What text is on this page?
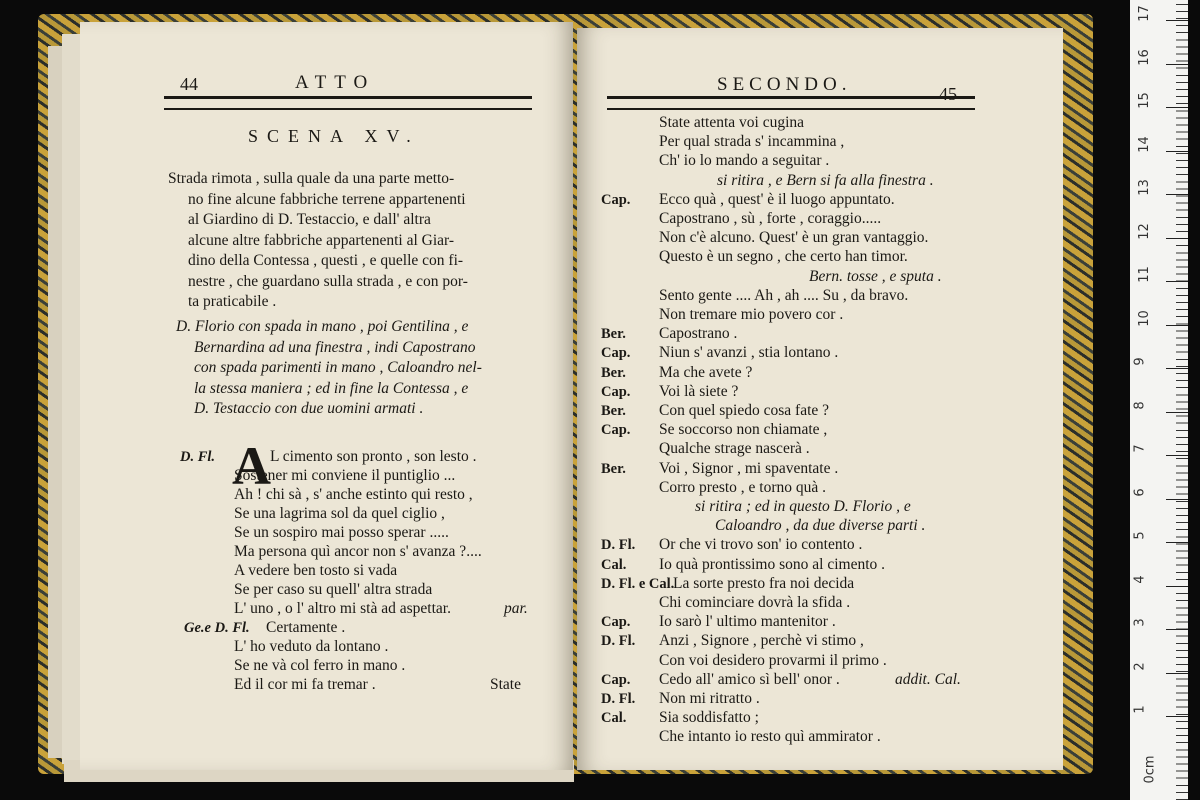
44	ATTO
SCENA XV.
Strada rimota , sulla quale da una parte metto-
no fine alcune fabbriche terrene appartenenti
al Giardino di D. Testaccio, e dall' altra
alcune altre fabbriche appartenenti al Giar-
dino della Contessa , questi , e quelle con fi-
nestre , che guardano sulla strada , e con por-
ta praticabile .
D. Florio con spada in mano , poi Gentilina , e
Bernardina ad una finestra , indi Capostrano
con spada parimenti in mano , Caloandro nel-
la stessa maniera ; ed in fine la Contessa , e
D. Testaccio con due uomini armati .
D. Fl. A L cimento son pronto , son lesto .
Sostener mi conviene il puntiglio ...
Ah ! chi sà , s' anche estinto qui resto ,
Se una lagrima sol da quel ciglio ,
Se un sospiro mai posso sperar .....
Ma persona quì ancor non s' avanza ?....
A vedere ben tosto si vada
Se per caso su quell' altra strada
L' uno , o l' altro mi stà ad aspettar.	par.
Ge.e D. Fl. Certamente .
L' ho veduto da lontano .
Se ne và col ferro in mano .
Ed il cor mi fa tremar .	State
SECONDO.	45
State attenta voi cugina
Per qual strada s' incammina ,
Ch' io lo mando a seguitar .
si ritira , e Bern si fa alla finestra .
Cap. Ecco quà , quest' è il luogo appuntato.
Capostrano , sù , forte , coraggio.....
Non c'è alcuno. Quest' è un gran vantaggio.
Questo è un segno , che certo han timor.
Bern. tosse , e sputa .
Sento gente .... Ah , ah .... Su , da bravo.
Non tremare mio povero cor .
Ber. Capostrano .
Cap. Niun s' avanzi , stia lontano .
Ber. Ma che avete ?
Cap. Voi là siete ?
Ber. Con quel spiedo cosa fate ?
Cap. Se soccorso non chiamate ,
Qualche strage nascerà .
Ber. Voi , Signor , mi spaventate .
Corro presto , e torno quà .
si ritira ; ed in questo D. Florio , e
Caloandro , da due diverse parti .
D. Fl. Or che vi trovo son' io contento .
Cal. Io quà prontissimo sono al cimento .
D. Fl. e Cal.
La sorte presto fra noi decida
Chi cominciare dovrà la sfida .
Cap. Io sarò l' ultimo mantenitor .
D. Fl. Anzi , Signore , perchè vi stimo ,
Con voi desidero provarmi il primo .
Cap. Cedo all' amico sì bell' onor .	addit. Cal.
D. Fl. Non mi ritratto .
Cal. Sia soddisfatto ;
Che intanto io resto quì ammirator .
17
16
15
14
13
12
11
10
9
8
7
6
5
4
3
2
1
0cm
